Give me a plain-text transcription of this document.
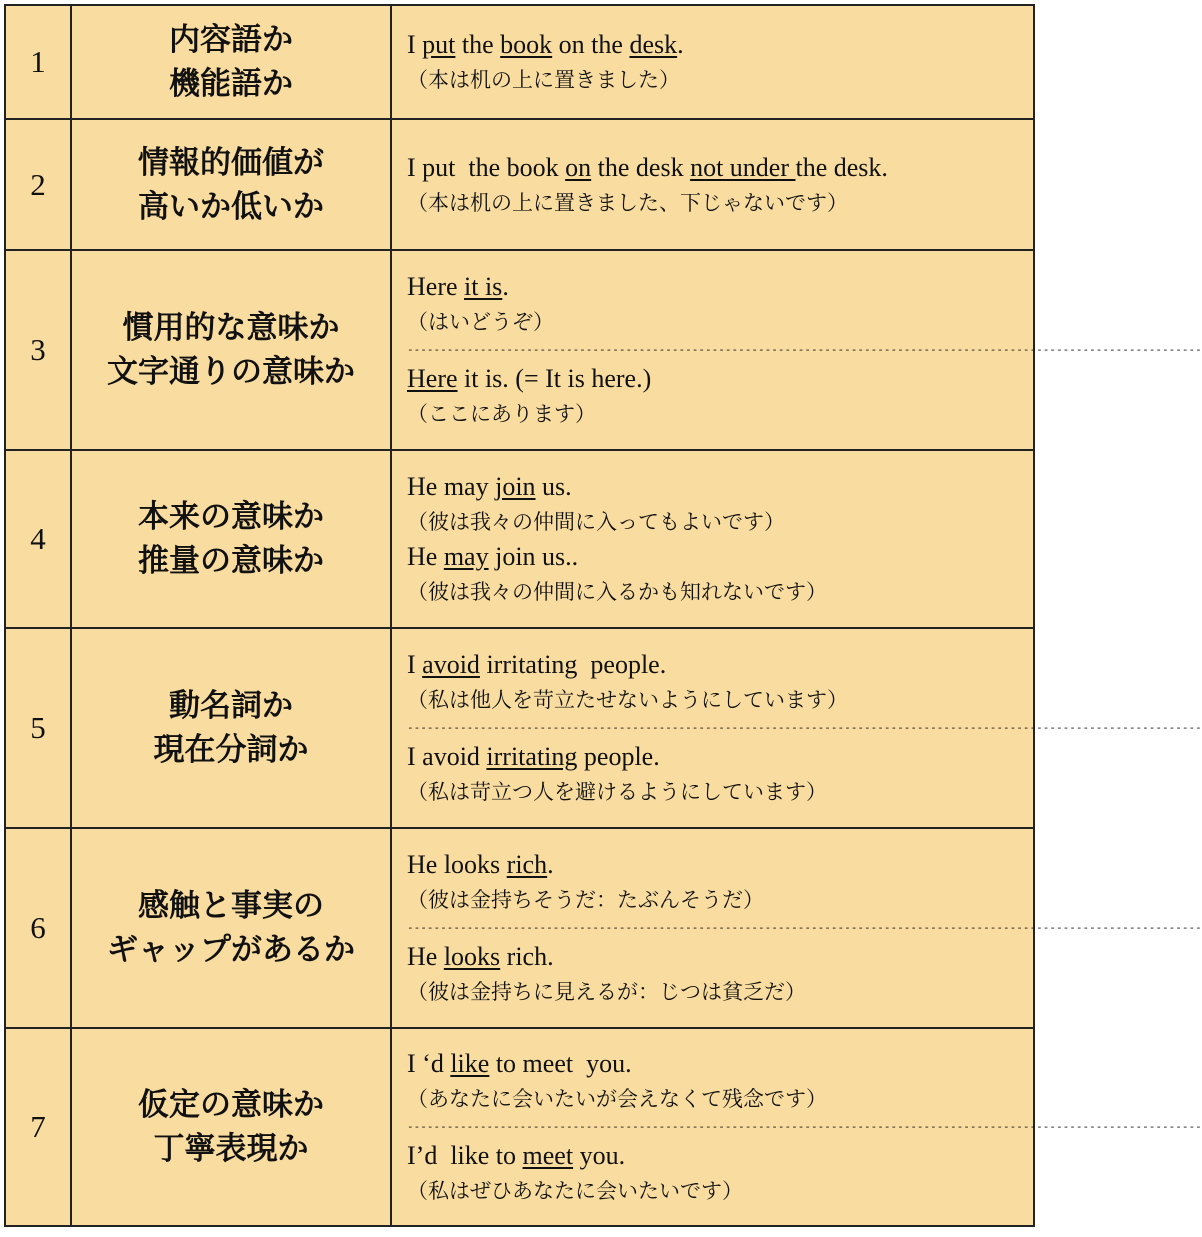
1
内容語か
機能語か
I put the book on the desk.
（本は机の上に置きました）
2
情報的価値が
高いか低いか
I put  the book on the desk not under the desk.
（本は机の上に置きました、下じゃないです）
3
慣用的な意味か
文字通りの意味か
Here it is.
（はいどうぞ）
------------------------------------------------------------------------------------------------------------------------
Here it is. (= It is here.)
（ここにあります）
4
本来の意味か
推量の意味か
He may join us.
（彼は我々の仲間に入ってもよいです）
He may join us..
（彼は我々の仲間に入るかも知れないです）
5
動名詞か
現在分詞か
I avoid irritating  people.
（私は他人を苛立たせないようにしています）
------------------------------------------------------------------------------------------------------------------------
I avoid irritating people.
（私は苛立つ人を避けるようにしています）
6
感触と事実の
ギャップがあるか
He looks rich.
（彼は金持ちそうだ：たぶんそうだ）
------------------------------------------------------------------------------------------------------------------------
He looks rich.
（彼は金持ちに見えるが：じつは貧乏だ）
7
仮定の意味か
丁寧表現か
I ‘d like to meet  you.
（あなたに会いたいが会えなくて残念です）
------------------------------------------------------------------------------------------------------------------------
I’d  like to meet you.
（私はぜひあなたに会いたいです）
